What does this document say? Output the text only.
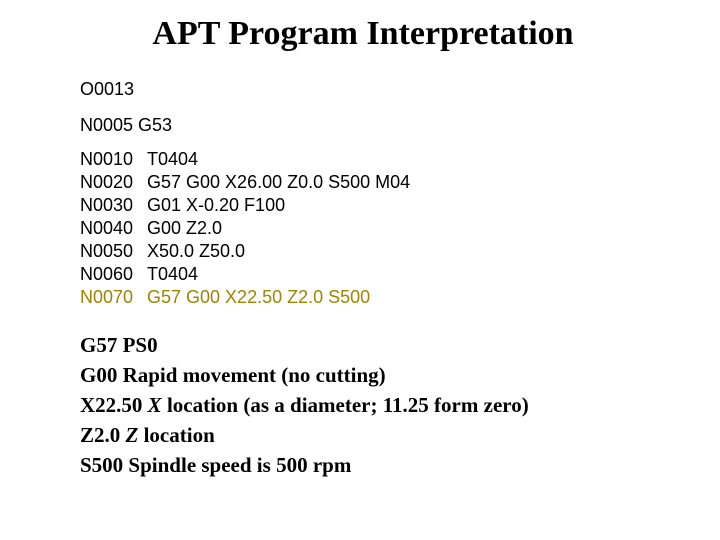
APT Program Interpretation
O0013
N0005 G53
N0010 T0404
N0020 G57 G00 X26.00 Z0.0 S500 M04
N0030 G01 X-0.20 F100
N0040 G00 Z2.0
N0050 X50.0 Z50.0
N0060 T0404
N0070 G57 G00 X22.50 Z2.0 S500
G57 PS0
G00 Rapid movement (no cutting)
X22.50 X location (as a diameter; 11.25 form zero)
Z2.0 Z location
S500 Spindle speed is 500 rpm
